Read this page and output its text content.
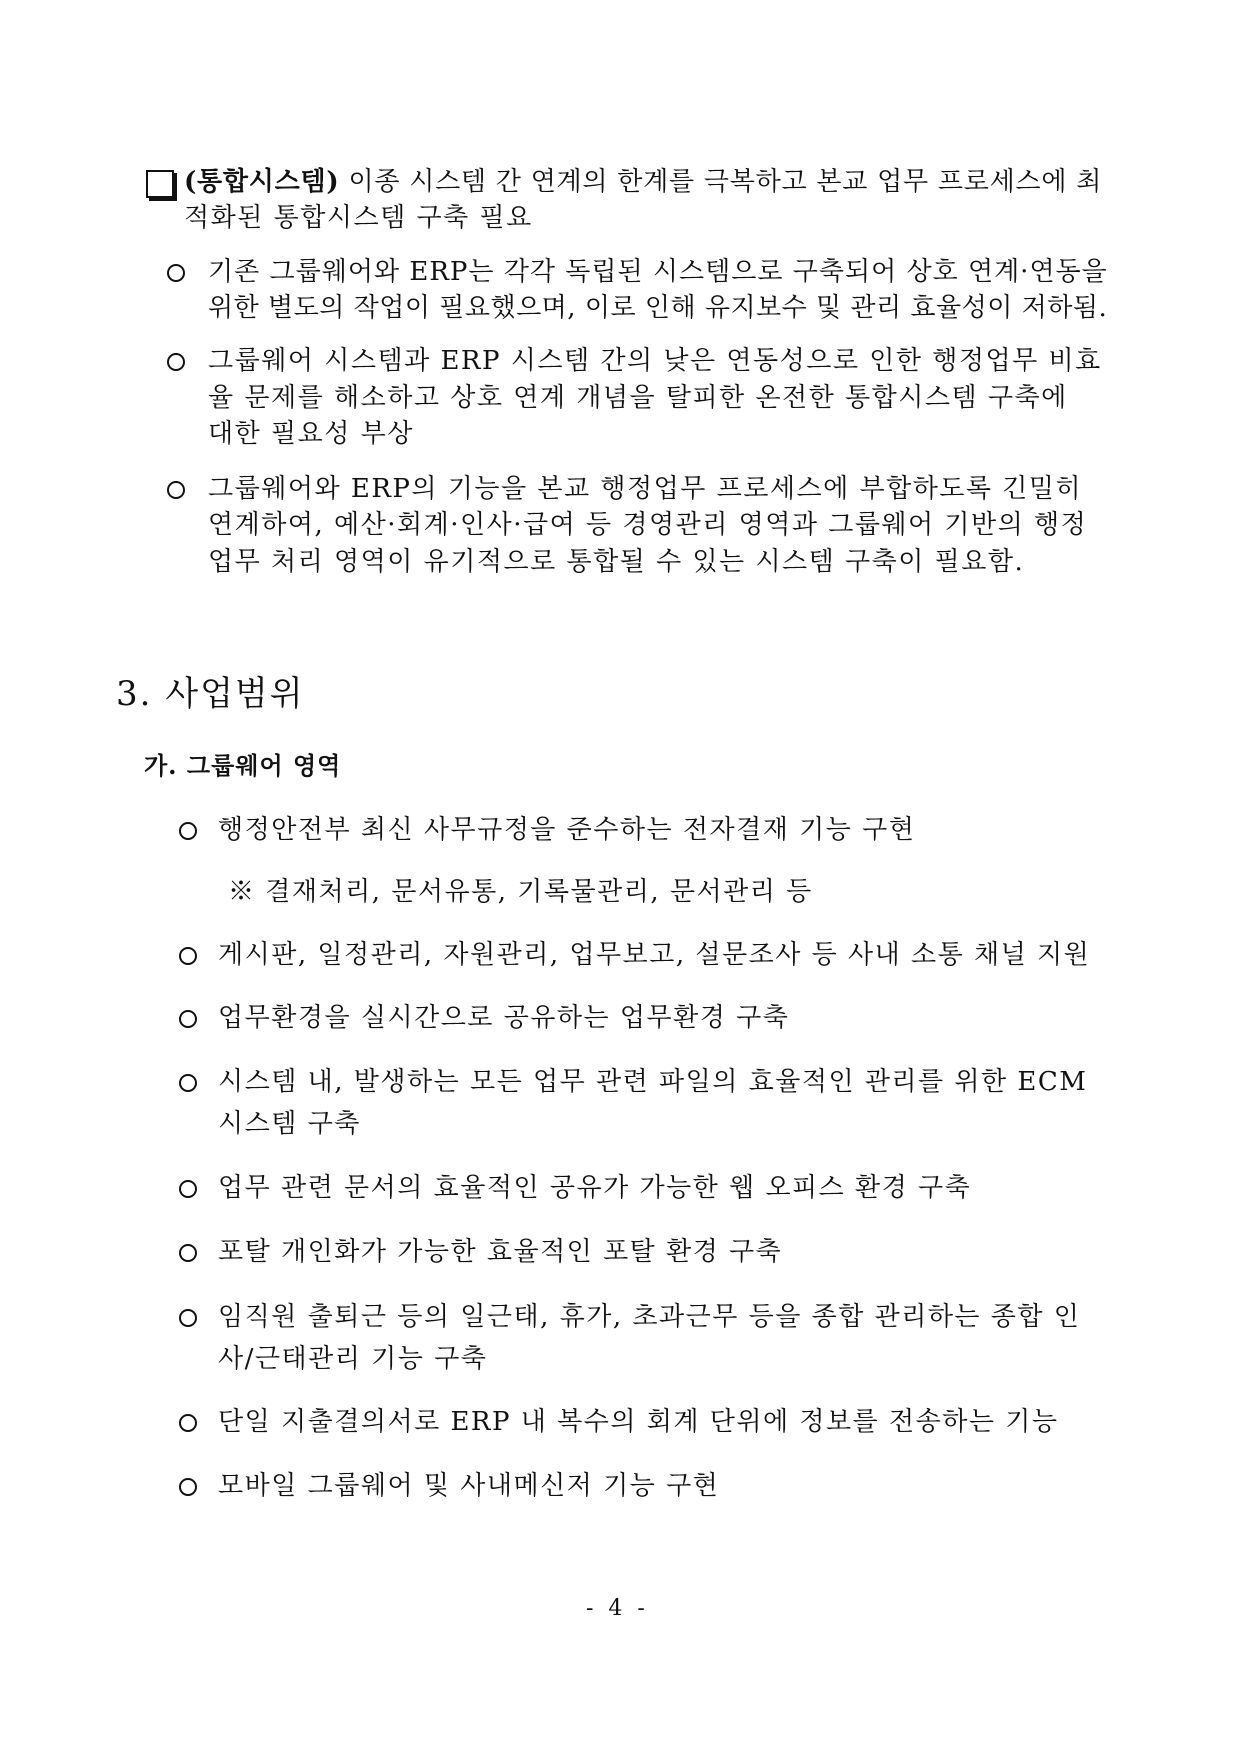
(통합시스템) 이종 시스템 간 연계의 한계를 극복하고 본교 업무 프로세스에 최
적화된 통합시스템 구축 필요
기존 그룹웨어와 ERP는 각각 독립된 시스템으로 구축되어 상호 연계·연동을
위한 별도의 작업이 필요했으며, 이로 인해 유지보수 및 관리 효율성이 저하됨.
그룹웨어 시스템과 ERP 시스템 간의 낮은 연동성으로 인한 행정업무 비효
율 문제를 해소하고 상호 연계 개념을 탈피한 온전한 통합시스템 구축에
대한 필요성 부상
그룹웨어와 ERP의 기능을 본교 행정업무 프로세스에 부합하도록 긴밀히
연계하여, 예산·회계·인사·급여 등 경영관리 영역과 그룹웨어 기반의 행정
업무 처리 영역이 유기적으로 통합될 수 있는 시스템 구축이 필요함.
3. 사업범위
가. 그룹웨어 영역
행정안전부 최신 사무규정을 준수하는 전자결재 기능 구현
※ 결재처리, 문서유통, 기록물관리, 문서관리 등
게시판, 일정관리, 자원관리, 업무보고, 설문조사 등 사내 소통 채널 지원
업무환경을 실시간으로 공유하는 업무환경 구축
시스템 내, 발생하는 모든 업무 관련 파일의 효율적인 관리를 위한 ECM
시스템 구축
업무 관련 문서의 효율적인 공유가 가능한 웹 오피스 환경 구축
포탈 개인화가 가능한 효율적인 포탈 환경 구축
임직원 출퇴근 등의 일근태, 휴가, 초과근무 등을 종합 관리하는 종합 인
사/근태관리 기능 구축
단일 지출결의서로 ERP 내 복수의 회계 단위에 정보를 전송하는 기능
모바일 그룹웨어 및 사내메신저 기능 구현
- 4 -
